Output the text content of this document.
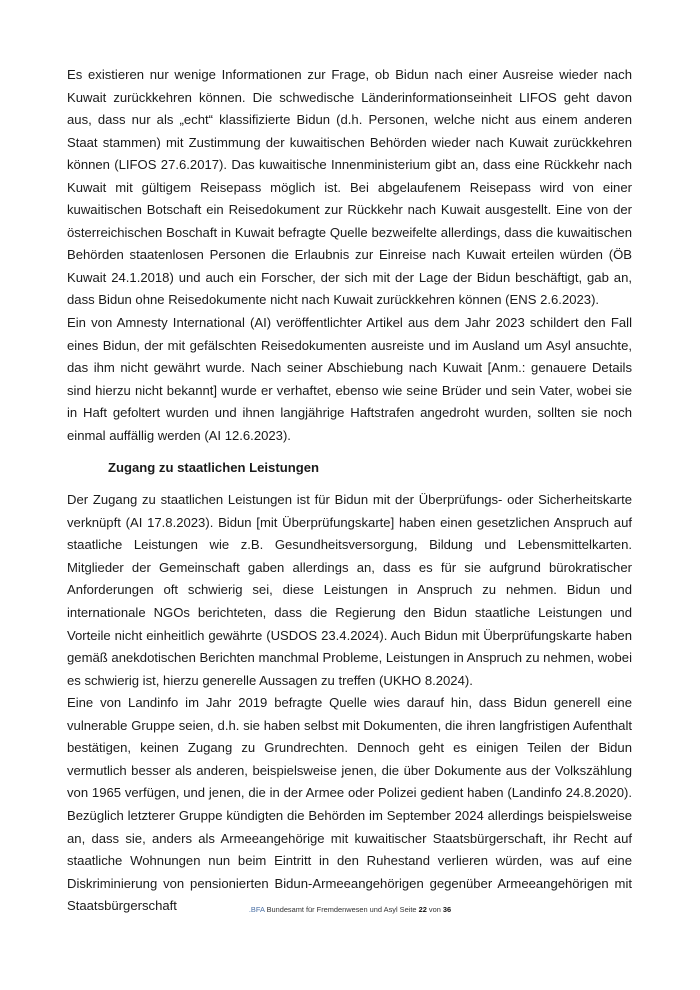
Es existieren nur wenige Informationen zur Frage, ob Bidun nach einer Ausreise wieder nach Kuwait zurückkehren können. Die schwedische Länderinformationseinheit LIFOS geht davon aus, dass nur als „echt“ klassifizierte Bidun (d.h. Personen, welche nicht aus einem anderen Staat stammen) mit Zustimmung der kuwaitischen Behörden wieder nach Kuwait zurückkehren können (LIFOS 27.6.2017). Das kuwaitische Innenministerium gibt an, dass eine Rückkehr nach Kuwait mit gültigem Reisepass möglich ist. Bei abgelaufenem Reisepass wird von einer kuwaitischen Botschaft ein Reisedokument zur Rückkehr nach Kuwait ausgestellt. Eine von der österreichischen Boschaft in Kuwait befragte Quelle bezweifelte allerdings, dass die kuwaitischen Behörden staatenlosen Personen die Erlaubnis zur Einreise nach Kuwait erteilen würden (ÖB Kuwait 24.1.2018) und auch ein Forscher, der sich mit der Lage der Bidun beschäftigt, gab an, dass Bidun ohne Reisedokumente nicht nach Kuwait zurückkehren können (ENS 2.6.2023).

Ein von Amnesty International (AI) veröffentlichter Artikel aus dem Jahr 2023 schildert den Fall eines Bidun, der mit gefälschten Reisedokumenten ausreiste und im Ausland um Asyl ansuchte, das ihm nicht gewährt wurde. Nach seiner Abschiebung nach Kuwait [Anm.: genauere Details sind hierzu nicht bekannt] wurde er verhaftet, ebenso wie seine Brüder und sein Vater, wobei sie in Haft gefoltert wurden und ihnen langjährige Haftstrafen angedroht wurden, sollten sie noch einmal auffällig werden (AI 12.6.2023).

Zugang zu staatlichen Leistungen

Der Zugang zu staatlichen Leistungen ist für Bidun mit der Überprüfungs- oder Sicherheitskarte verknüpft (AI 17.8.2023). Bidun [mit Überprüfungskarte] haben einen gesetzlichen Anspruch auf staatliche Leistungen wie z.B. Gesundheitsversorgung, Bildung und Lebensmittelkarten. Mitglieder der Gemeinschaft gaben allerdings an, dass es für sie aufgrund bürokratischer Anforderungen oft schwierig sei, diese Leistungen in Anspruch zu nehmen. Bidun und internationale NGOs berichteten, dass die Regierung den Bidun staatliche Leistungen und Vorteile nicht einheitlich gewährte (USDOS 23.4.2024). Auch Bidun mit Überprüfungskarte haben gemäß anekdotischen Berichten manchmal Probleme, Leistungen in Anspruch zu nehmen, wobei es schwierig ist, hierzu generelle Aussagen zu treffen (UKHO 8.2024).

Eine von Landinfo im Jahr 2019 befragte Quelle wies darauf hin, dass Bidun generell eine vulnerable Gruppe seien, d.h. sie haben selbst mit Dokumenten, die ihren langfristigen Aufenthalt bestätigen, keinen Zugang zu Grundrechten. Dennoch geht es einigen Teilen der Bidun vermutlich besser als anderen, beispielsweise jenen, die über Dokumente aus der Volkszählung von 1965 verfügen, und jenen, die in der Armee oder Polizei gedient haben (Landinfo 24.8.2020). Bezüglich letzterer Gruppe kündigten die Behörden im September 2024 allerdings beispielsweise an, dass sie, anders als Armeeangehörige mit kuwaitischer Staatsbürgerschaft, ihr Recht auf staatliche Wohnungen nun beim Eintritt in den Ruhestand verlieren würden, was auf eine Diskriminierung von pensionierten Bidun-Armeeangehörigen gegenüber Armeeangehörigen mit Staatsbürgerschaft	.BFA Bundesamt für Fremdenwesen und Asyl Seite 22 von 36
